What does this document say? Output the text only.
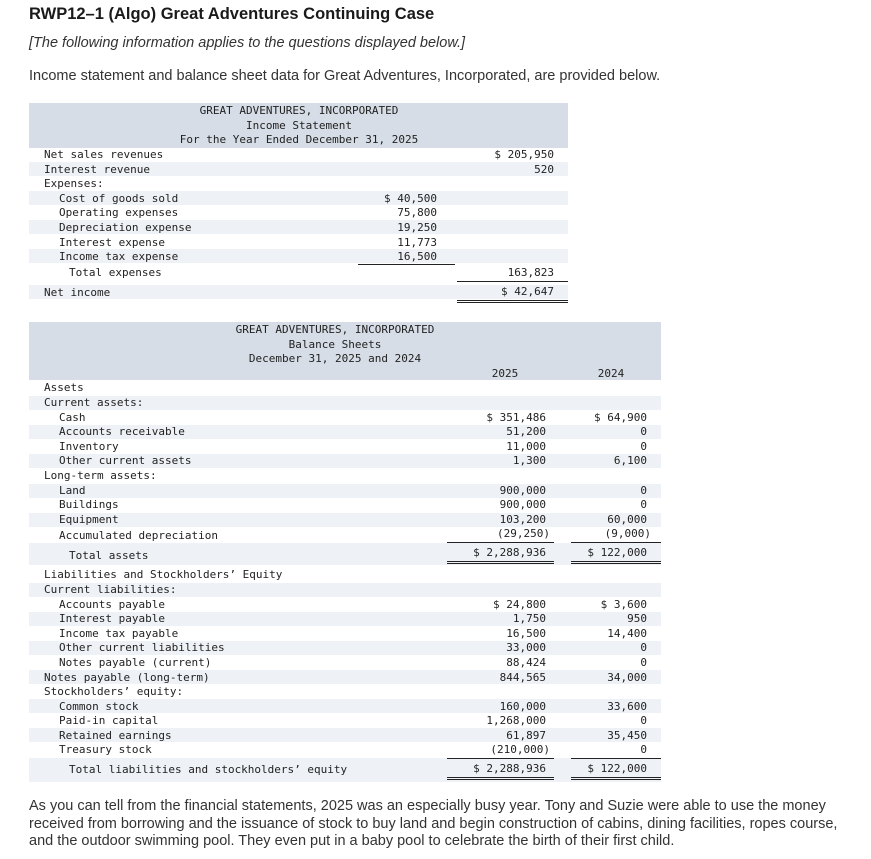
RWP12–1 (Algo) Great Adventures Continuing Case
[The following information applies to the questions displayed below.]
Income statement and balance sheet data for Great Adventures, Incorporated, are provided below.
GREAT ADVENTURES, INCORPORATED
Income Statement
For the Year Ended December 31, 2025
Net sales revenues	$ 205,950
Interest revenue	520
Expenses:
Cost of goods sold	$ 40,500
Operating expenses	75,800
Depreciation expense	19,250
Interest expense	11,773
Income tax expense	16,500
Total expenses	163,823
Net income	$ 42,647
GREAT ADVENTURES, INCORPORATED
Balance Sheets
December 31, 2025 and 2024
2025	2024
Assets
Current assets:
Cash	$ 351,486	$ 64,900
Accounts receivable	51,200	0
Inventory	11,000	0
Other current assets	1,300	6,100
Long-term assets:
Land	900,000	0
Buildings	900,000	0
Equipment	103,200	60,000
Accumulated depreciation	(29,250)	(9,000)
Total assets	$ 2,288,936	$ 122,000
Liabilities and Stockholders’ Equity
Current liabilities:
Accounts payable	$ 24,800	$ 3,600
Interest payable	1,750	950
Income tax payable	16,500	14,400
Other current liabilities	33,000	0
Notes payable (current)	88,424	0
Notes payable (long-term)	844,565	34,000
Stockholders’ equity:
Common stock	160,000	33,600
Paid-in capital	1,268,000	0
Retained earnings	61,897	35,450
Treasury stock	(210,000)	0
Total liabilities and stockholders’ equity	$ 2,288,936	$ 122,000
As you can tell from the financial statements, 2025 was an especially busy year. Tony and Suzie were able to use the money received from borrowing and the issuance of stock to buy land and begin construction of cabins, dining facilities, ropes course, and the outdoor swimming pool. They even put in a baby pool to celebrate the birth of their first child.
